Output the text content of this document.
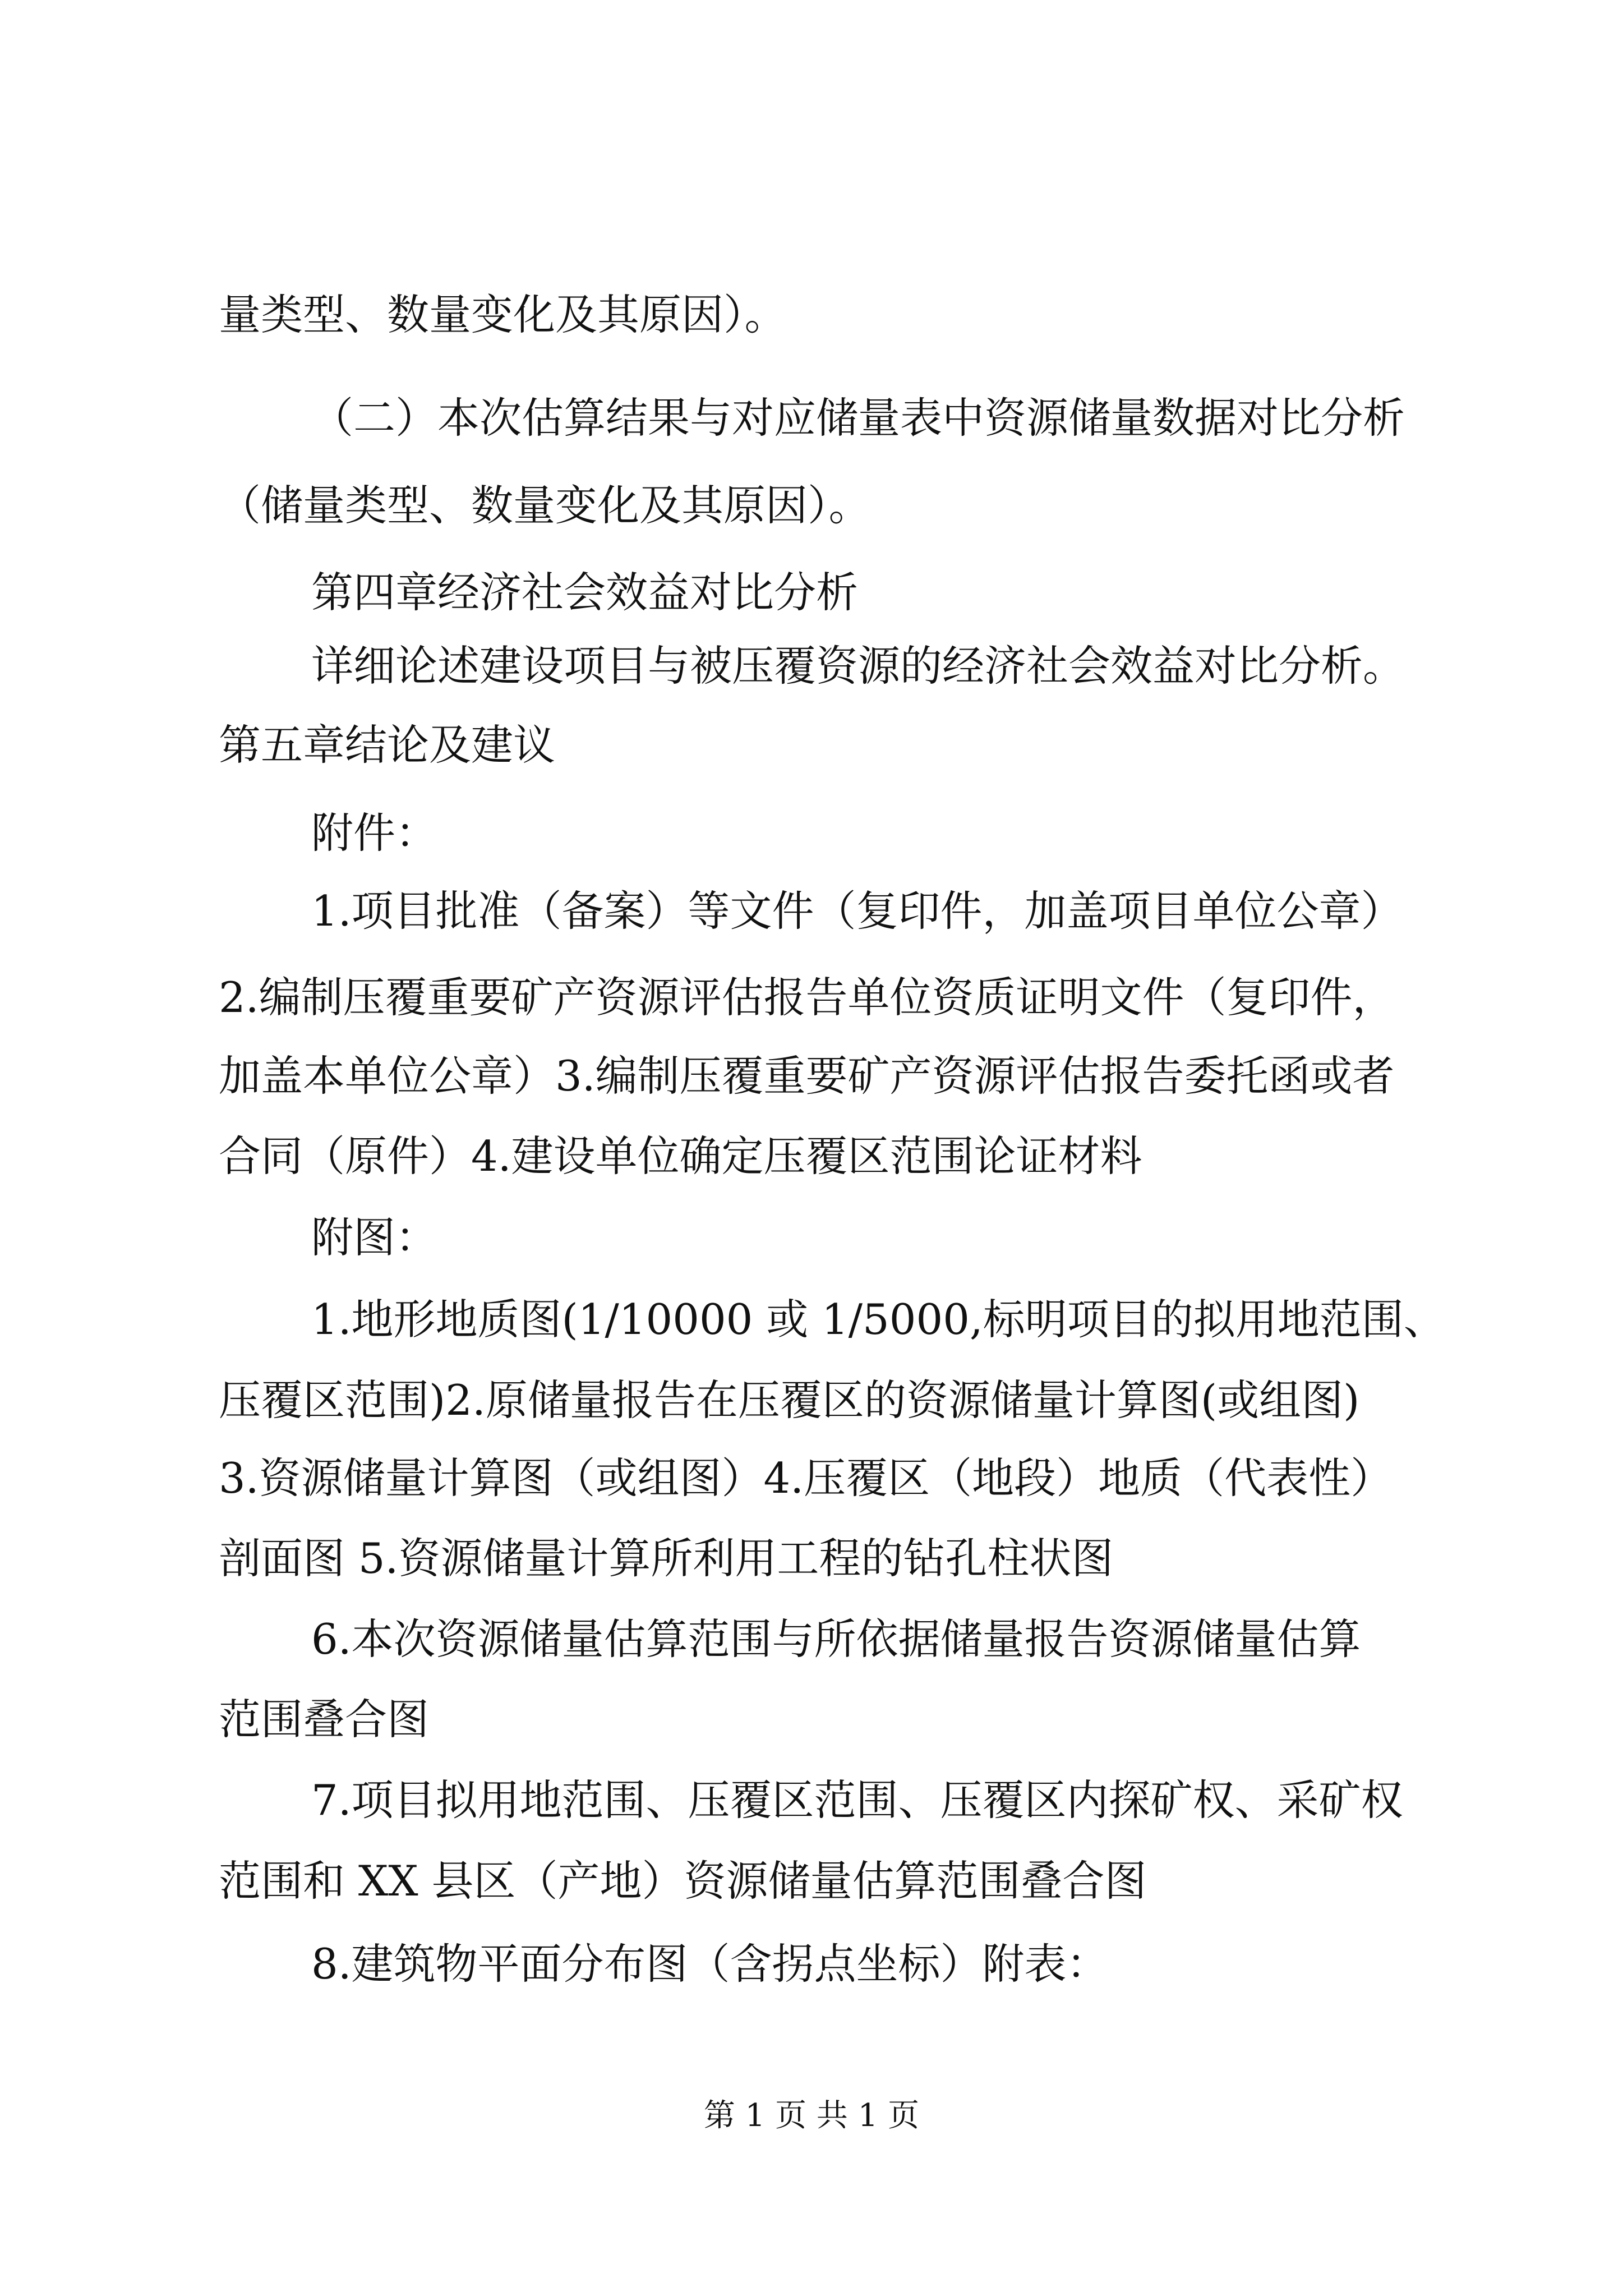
量类型、数量变化及其原因）。
（二）本次估算结果与对应储量表中资源储量数据对比分析
（储量类型、数量变化及其原因）。
第四章经济社会效益对比分析
详细论述建设项目与被压覆资源的经济社会效益对比分析。
第五章结论及建议
附件：
1.项目批准（备案）等文件（复印件，加盖项目单位公章）
2.编制压覆重要矿产资源评估报告单位资质证明文件（复印件，
加盖本单位公章）3.编制压覆重要矿产资源评估报告委托函或者
合同（原件）4.建设单位确定压覆区范围论证材料
附图：
1.地形地质图(1/10000 或 1/5000,标明项目的拟用地范围、
压覆区范围)2.原储量报告在压覆区的资源储量计算图(或组图)
3.资源储量计算图（或组图）4.压覆区（地段）地质（代表性）
剖面图 5.资源储量计算所利用工程的钻孔柱状图
6.本次资源储量估算范围与所依据储量报告资源储量估算
范围叠合图
7.项目拟用地范围、压覆区范围、压覆区内探矿权、采矿权
范围和 XX 县区（产地）资源储量估算范围叠合图
8.建筑物平面分布图（含拐点坐标）附表：
第 1 页 共 1 页
